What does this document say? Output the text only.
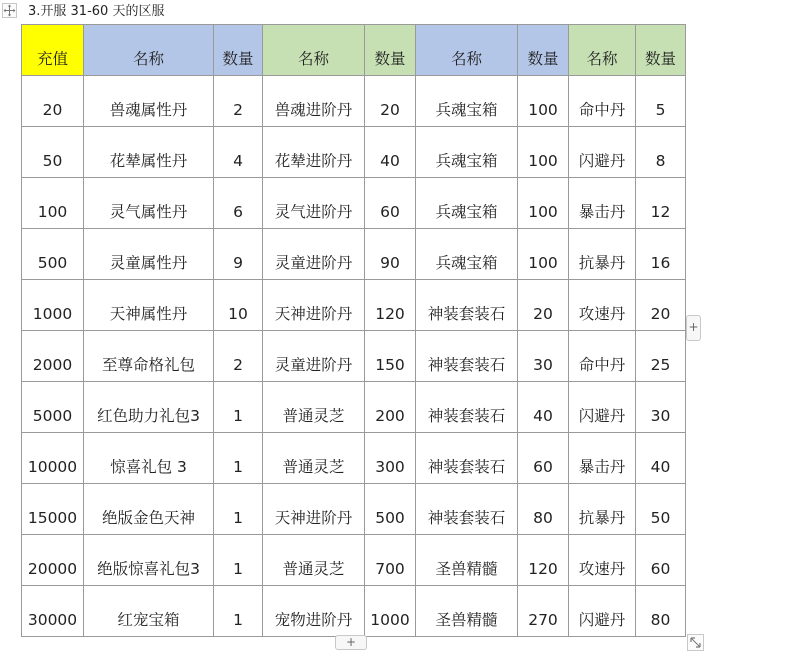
3.开服 31-60 天的区服
充值	名称	数量	名称	数量	名称	数量	名称	数量
20	兽魂属性丹	2	兽魂进阶丹	20	兵魂宝箱	100	命中丹	5
50	花辇属性丹	4	花辇进阶丹	40	兵魂宝箱	100	闪避丹	8
100	灵气属性丹	6	灵气进阶丹	60	兵魂宝箱	100	暴击丹	12
500	灵童属性丹	9	灵童进阶丹	90	兵魂宝箱	100	抗暴丹	16
1000	天神属性丹	10	天神进阶丹	120	神装套装石	20	攻速丹	20
2000	至尊命格礼包	2	灵童进阶丹	150	神装套装石	30	命中丹	25
5000	红色助力礼包3	1	普通灵芝	200	神装套装石	40	闪避丹	30
10000	惊喜礼包 3	1	普通灵芝	300	神装套装石	60	暴击丹	40
15000	绝版金色天神	1	天神进阶丹	500	神装套装石	80	抗暴丹	50
20000	绝版惊喜礼包3	1	普通灵芝	700	圣兽精髓	120	攻速丹	60
30000	红宠宝箱	1	宠物进阶丹	1000	圣兽精髓	270	闪避丹	80
+
+
